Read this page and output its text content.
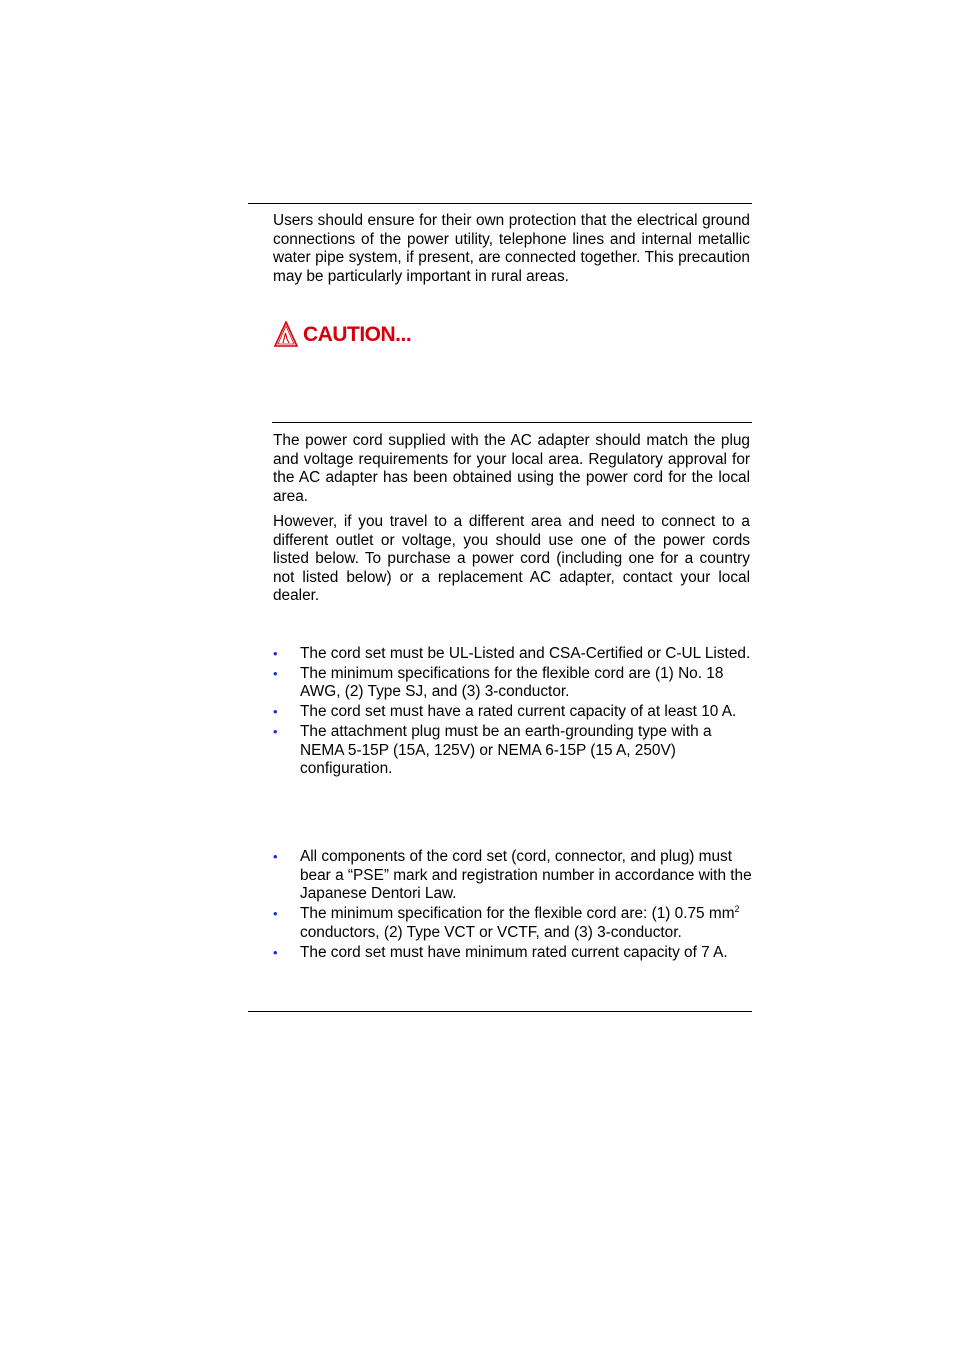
Users should ensure for their own protection that the electrical ground connections of the power utility, telephone lines and internal metallic water pipe system, if present, are connected together. This precaution may be particularly important in rural areas.

CAUTION...

The power cord supplied with the AC adapter should match the plug and voltage requirements for your local area. Regulatory approval for the AC adapter has been obtained using the power cord for the local area.

However, if you travel to a different area and need to connect to a different outlet or voltage, you should use one of the power cords listed below. To purchase a power cord (including one for a country not listed below) or a replacement AC adapter, contact your local dealer.

• The cord set must be UL-Listed and CSA-Certified or C-UL Listed.
• The minimum specifications for the flexible cord are (1) No. 18 AWG, (2) Type SJ, and (3) 3-conductor.
• The cord set must have a rated current capacity of at least 10 A.
• The attachment plug must be an earth-grounding type with a NEMA 5-15P (15A, 125V) or NEMA 6-15P (15 A, 250V) configuration.
• All components of the cord set (cord, connector, and plug) must bear a “PSE” mark and registration number in accordance with the Japanese Dentori Law.
• The minimum specification for the flexible cord are: (1) 0.75 $mm^2$ conductors, (2) Type VCT or VCTF, and (3) 3-conductor.
• The cord set must have minimum rated current capacity of 7 A.
